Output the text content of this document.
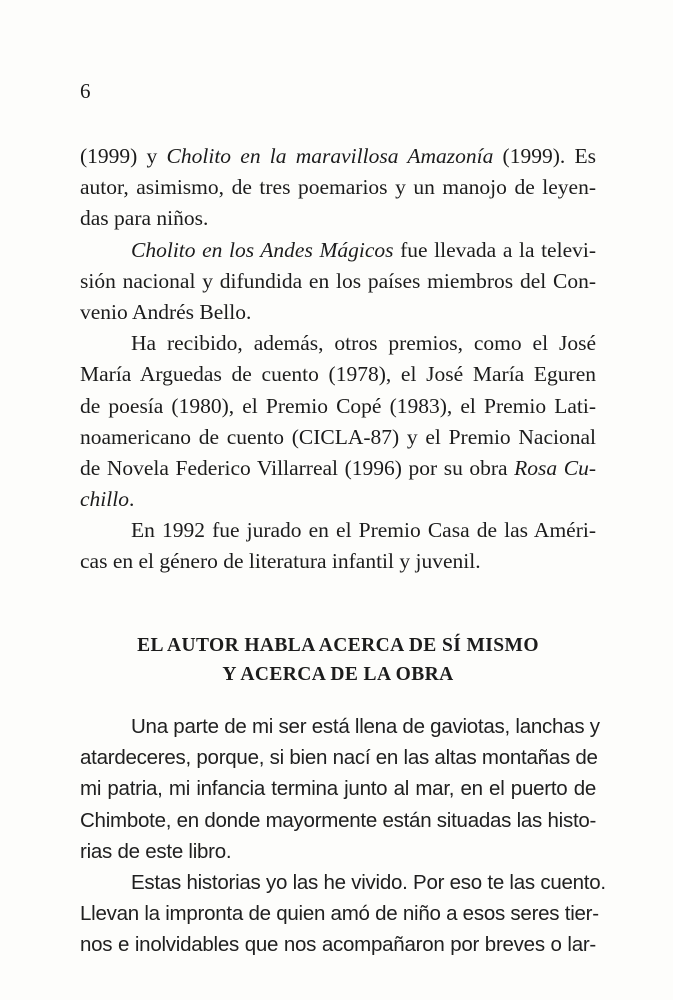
6
(1999) y Cholito en la maravillosa Amazonía (1999). Es
autor, asimismo, de tres poemarios y un manojo de leyen-
das para niños.
Cholito en los Andes Mágicos fue llevada a la televi-
sión nacional y difundida en los países miembros del Con-
venio Andrés Bello.
Ha recibido, además, otros premios, como el José
María Arguedas de cuento (1978), el José María Eguren
de poesía (1980), el Premio Copé (1983), el Premio Lati-
noamericano de cuento (CICLA-87) y el Premio Nacional
de Novela Federico Villarreal (1996) por su obra Rosa Cu-
chillo.
En 1992 fue jurado en el Premio Casa de las Améri-
cas en el género de literatura infantil y juvenil.
EL AUTOR HABLA ACERCA DE SÍ MISMO
Y ACERCA DE LA OBRA
Una parte de mi ser está llena de gaviotas, lanchas y
atardeceres, porque, si bien nací en las altas montañas de
mi patria, mi infancia termina junto al mar, en el puerto de
Chimbote, en donde mayormente están situadas las histo-
rias de este libro.
Estas historias yo las he vivido. Por eso te las cuento.
Llevan la impronta de quien amó de niño a esos seres tier-
nos e inolvidables que nos acompañaron por breves o lar-
